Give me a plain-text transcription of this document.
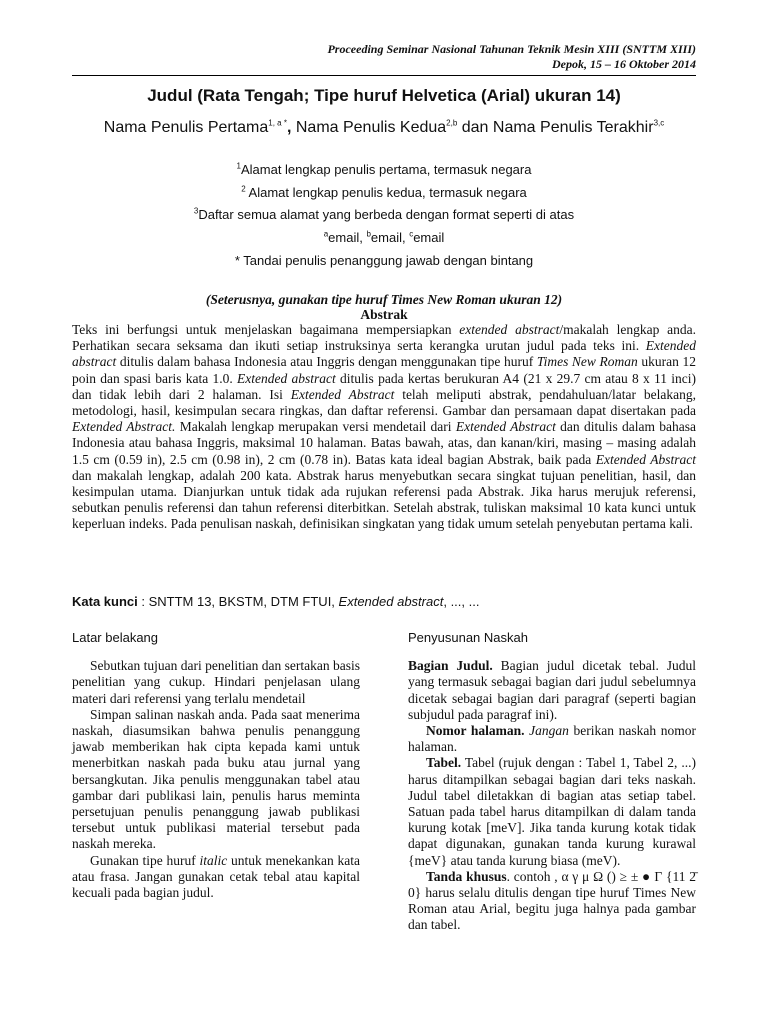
Proceeding Seminar Nasional Tahunan Teknik Mesin XIII (SNTTM XIII)
Depok, 15 – 16 Oktober 2014
Judul (Rata Tengah; Tipe huruf Helvetica (Arial) ukuran 14)
Nama Penulis Pertama$^{1, a *}$, Nama Penulis Kedua$^{2,b}$ dan Nama Penulis Terakhir$^{3,c}$
$^1$Alamat lengkap penulis pertama, termasuk negara
$^2$ Alamat lengkap penulis kedua, termasuk negara
$^3$Daftar semua alamat yang berbeda dengan format seperti di atas
$^a$email, $^b$email, $^c$email
* Tandai penulis penanggung jawab dengan bintang
(Seterusnya, gunakan tipe huruf Times New Roman ukuran 12)
Abstrak

Teks ini berfungsi untuk menjelaskan bagaimana mempersiapkan extended abstract/makalah lengkap anda. Perhatikan secara seksama dan ikuti setiap instruksinya serta kerangka urutan judul pada teks ini. Extended abstract ditulis dalam bahasa Indonesia atau Inggris dengan menggunakan tipe huruf Times New Roman ukuran 12 poin dan spasi baris kata 1.0. Extended abstract ditulis pada kertas berukuran A4 (21 x 29.7 cm atau 8 x 11 inci) dan tidak lebih dari 2 halaman. Isi Extended Abstract telah meliputi abstrak, pendahuluan/latar belakang, metodologi, hasil, kesimpulan secara ringkas, dan daftar referensi. Gambar dan persamaan dapat disertakan pada Extended Abstract. Makalah lengkap merupakan versi mendetail dari Extended Abstract dan ditulis dalam bahasa Indonesia atau bahasa Inggris, maksimal 10 halaman. Batas bawah, atas, dan kanan/kiri, masing – masing adalah 1.5 cm (0.59 in), 2.5 cm (0.98 in), 2 cm (0.78 in). Batas kata ideal bagian Abstrak, baik pada Extended Abstract dan makalah lengkap, adalah 200 kata. Abstrak harus menyebutkan secara singkat tujuan penelitian, hasil, dan kesimpulan utama. Dianjurkan untuk tidak ada rujukan referensi pada Abstrak. Jika harus merujuk referensi, sebutkan penulis referensi dan tahun referensi diterbitkan. Setelah abstrak, tuliskan maksimal 10 kata kunci untuk keperluan indeks. Pada penulisan naskah, definisikan singkatan yang tidak umum setelah penyebutan pertama kali.

Kata kunci : SNTTM 13, BKSTM, DTM FTUI, Extended abstract, ..., ...
Latar belakang

Sebutkan tujuan dari penelitian dan sertakan basis penelitian yang cukup. Hindari penjelasan ulang materi dari referensi yang terlalu mendetail

Simpan salinan naskah anda. Pada saat menerima naskah, diasumsikan bahwa penulis penanggung jawab memberikan hak cipta kepada kami untuk menerbitkan naskah pada buku atau jurnal yang bersangkutan. Jika penulis menggunakan tabel atau gambar dari publikasi lain, penulis harus meminta persetujuan penulis penanggung jawab publikasi tersebut untuk publikasi material tersebut pada naskah mereka.

Gunakan tipe huruf italic untuk menekankan kata atau frasa. Jangan gunakan cetak tebal atau kapital kecuali pada bagian judul.

Penyusunan Naskah

Bagian Judul. Bagian judul dicetak tebal. Judul yang termasuk sebagai bagian dari judul sebelumnya dicetak sebagai bagian dari paragraf (seperti bagian subjudul pada paragraf ini).

Nomor halaman. Jangan berikan naskah nomor halaman.

Tabel. Tabel (rujuk dengan : Tabel 1, Tabel 2, ...) harus ditampilkan sebagai bagian dari teks naskah. Judul tabel diletakkan di bagian atas setiap tabel. Satuan pada tabel harus ditampilkan di dalam tanda kurung kotak [meV]. Jika tanda kurung kotak tidak dapat digunakan, gunakan tanda kurung kurawal {meV} atau tanda kurung biasa (meV).

Tanda khusus. contoh , α γ μ Ω () ≥ ± ● Γ {11 2̄ 0} harus selalu ditulis dengan tipe huruf Times New Roman atau Arial, begitu juga halnya pada gambar dan tabel.
